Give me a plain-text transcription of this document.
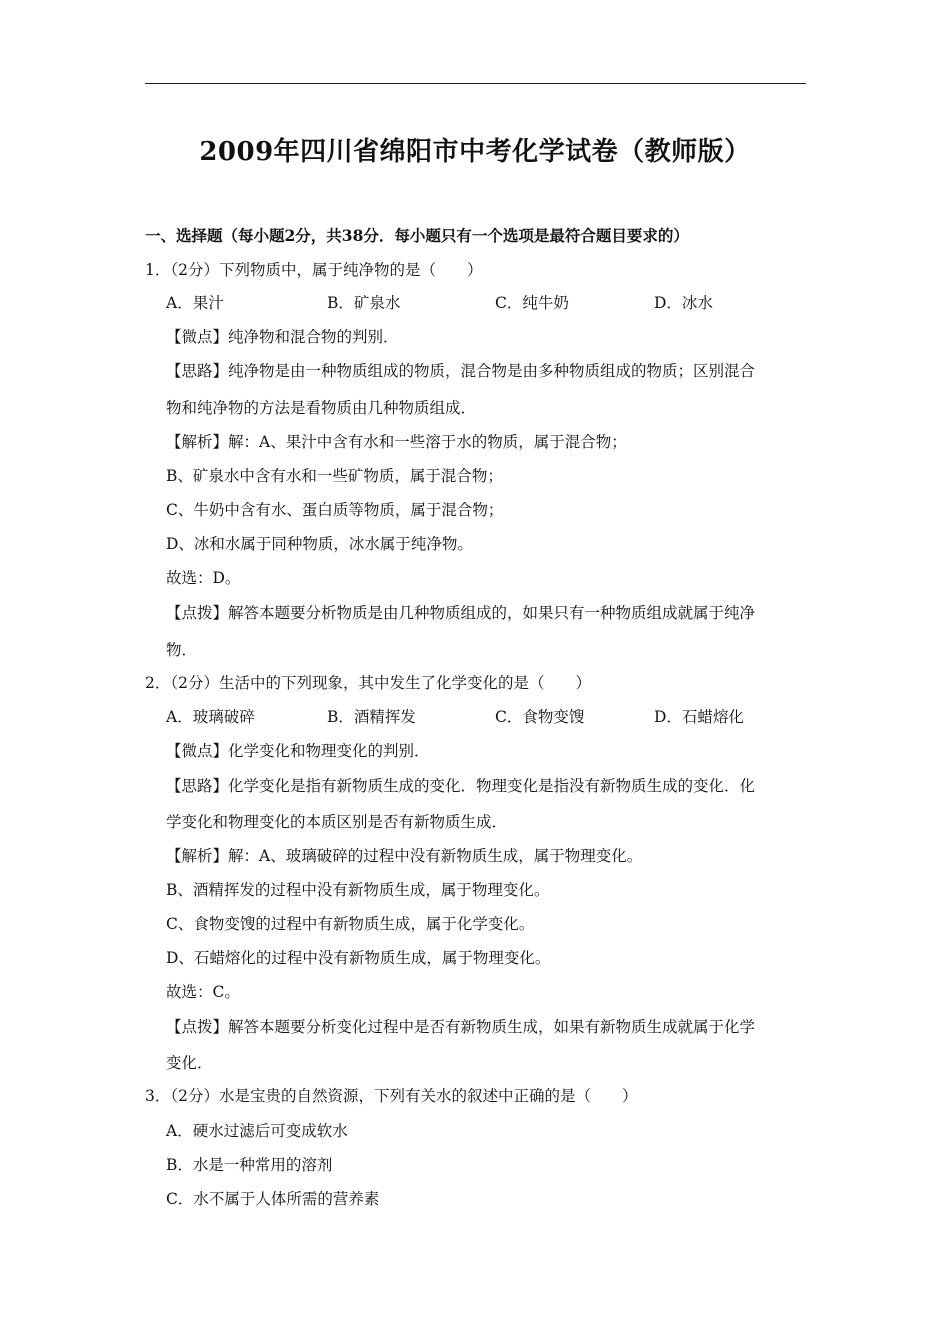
2009年四川省绵阳市中考化学试卷（教师版）
一、选择题（每小题2分，共38分．每小题只有一个选项是最符合题目要求的）
1．（2分）下列物质中，属于纯净物的是（　　）
A．果汁	B．矿泉水	C．纯牛奶	D．冰水
【微点】纯净物和混合物的判别．
【思路】纯净物是由一种物质组成的物质，混合物是由多种物质组成的物质；区别混合
物和纯净物的方法是看物质由几种物质组成．
【解析】解：A、果汁中含有水和一些溶于水的物质，属于混合物；
B、矿泉水中含有水和一些矿物质，属于混合物；
C、牛奶中含有水、蛋白质等物质，属于混合物；
D、冰和水属于同种物质，冰水属于纯净物。
故选：D。
【点拨】解答本题要分析物质是由几种物质组成的，如果只有一种物质组成就属于纯净
物．
2．（2分）生活中的下列现象，其中发生了化学变化的是（　　）
A．玻璃破碎	B．酒精挥发	C．食物变馊	D．石蜡熔化
【微点】化学变化和物理变化的判别．
【思路】化学变化是指有新物质生成的变化．物理变化是指没有新物质生成的变化．化
学变化和物理变化的本质区别是否有新物质生成．
【解析】解：A、玻璃破碎的过程中没有新物质生成，属于物理变化。
B、酒精挥发的过程中没有新物质生成，属于物理变化。
C、食物变馊的过程中有新物质生成，属于化学变化。
D、石蜡熔化的过程中没有新物质生成，属于物理变化。
故选：C。
【点拨】解答本题要分析变化过程中是否有新物质生成，如果有新物质生成就属于化学
变化．
3．（2分）水是宝贵的自然资源，下列有关水的叙述中正确的是（　　）
A．硬水过滤后可变成软水
B．水是一种常用的溶剂
C．水不属于人体所需的营养素
